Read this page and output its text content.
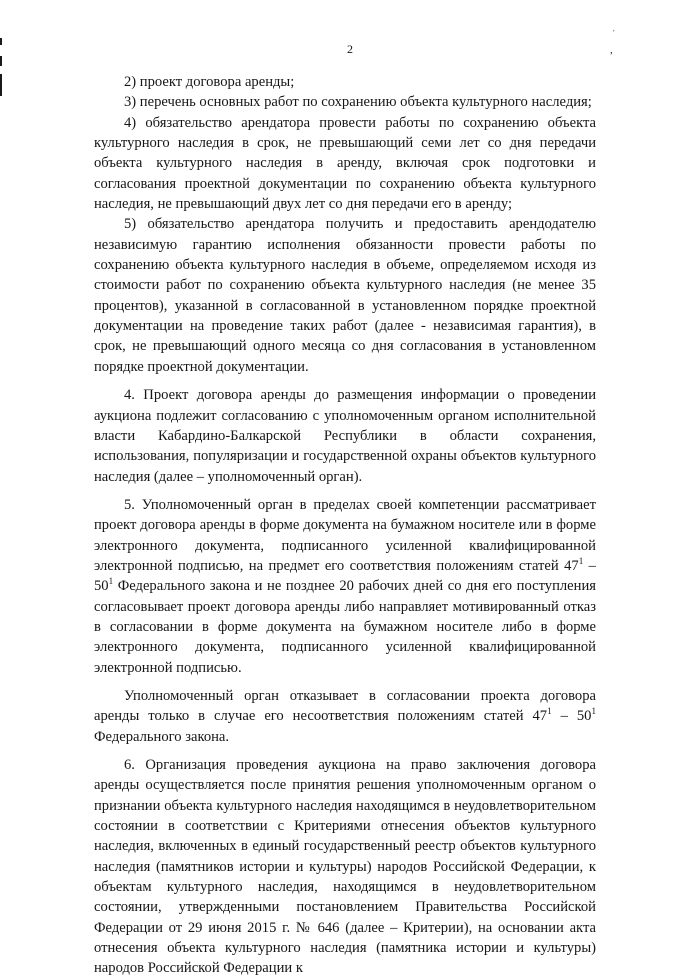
ˌ
,
2

2) проект договора аренды;

3) перечень основных работ по сохранению объекта культурного наследия;

4) обязательство арендатора провести работы по сохранению объекта культурного наследия в срок, не превышающий семи лет со дня передачи объекта культурного наследия в аренду, включая срок подготовки и согласования проектной документации по сохранению объекта культурного наследия, не превышающий двух лет со дня передачи его в аренду;

5) обязательство арендатора получить и предоставить арендодателю независимую гарантию исполнения обязанности провести работы по сохранению объекта культурного наследия в объеме, определяемом исходя из стоимости работ по сохранению объекта культурного наследия (не менее 35 процентов), указанной в согласованной в установленном порядке проектной документации на проведение таких работ (далее - независимая гарантия), в срок, не превышающий одного месяца со дня согласования в установленном порядке проектной документации.

4. Проект договора аренды до размещения информации о проведении аукциона подлежит согласованию с уполномоченным органом исполнительной власти Кабардино-Балкарской Республики в области сохранения, использования, популяризации и государственной охраны объектов культурного наследия (далее – уполномоченный орган).

5. Уполномоченный орган в пределах своей компетенции рассматривает проект договора аренды в форме документа на бумажном носителе или в форме электронного документа, подписанного усиленной квалифицированной электронной подписью, на предмет его соответствия положениям статей $47^1 - 50^1$ Федерального закона и не позднее 20 рабочих дней со дня его поступления согласовывает проект договора аренды либо направляет мотивированный отказ в согласовании в форме документа на бумажном носителе либо в форме электронного документа, подписанного усиленной квалифицированной электронной подписью.

Уполномоченный орган отказывает в согласовании проекта договора аренды только в случае его несоответствия положениям статей $47^1 - 50^1$ Федерального закона.

6. Организация проведения аукциона на право заключения договора аренды осуществляется после принятия решения уполномоченным органом о признании объекта культурного наследия находящимся в неудовлетворительном состоянии в соответствии с Критериями отнесения объектов культурного наследия, включенных в единый государственный реестр объектов культурного наследия (памятников истории и культуры) народов Российской Федерации, к объектам культурного наследия, находящимся в неудовлетворительном состоянии, утвержденными постановлением Правительства Российской Федерации от 29 июня 2015 г. № 646 (далее – Критерии), на основании акта отнесения объекта культурного наследия (памятника истории и культуры) народов Российской Федерации к
